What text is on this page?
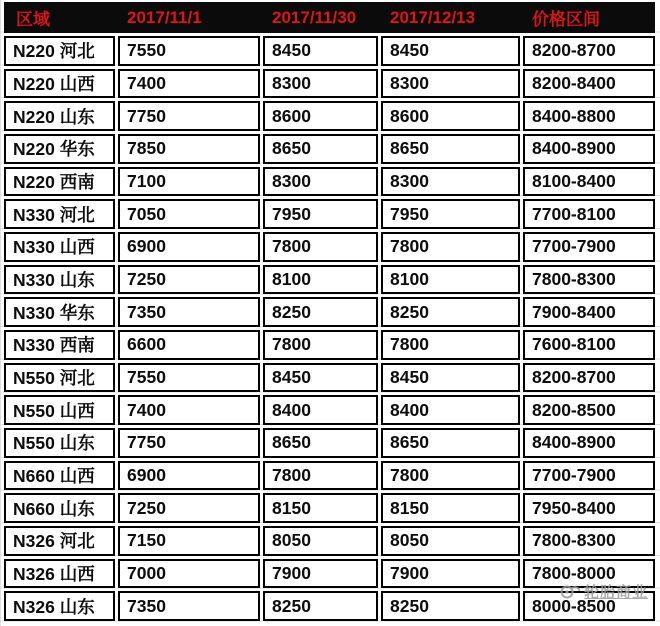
区域	2017/11/1	2017/11/30	2017/12/13	价格区间
N220 河北	7550	8450	8450	8200-8700
N220 山西	7400	8300	8300	8200-8400
N220 山东	7750	8600	8600	8400-8800
N220 华东	7850	8650	8650	8400-8900
N220 西南	7100	8300	8300	8100-8400
N330 河北	7050	7950	7950	7700-8100
N330 山西	6900	7800	7800	7700-7900
N330 山东	7250	8100	8100	7800-8300
N330 华东	7350	8250	8250	7900-8400
N330 西南	6600	7800	7800	7600-8100
N550 河北	7550	8450	8450	8200-8700
N550 山西	7400	8400	8400	8200-8500
N550 山东	7750	8650	8650	8400-8900
N660 山西	6900	7800	7800	7700-7900
N660 山东	7250	8150	8150	7950-8400
N326 河北	7150	8050	8050	7800-8300
N326 山西	7000	7900	7900	7800-8000
N326 山东	7350	8250	8250	8000-8500
轮胎商业
